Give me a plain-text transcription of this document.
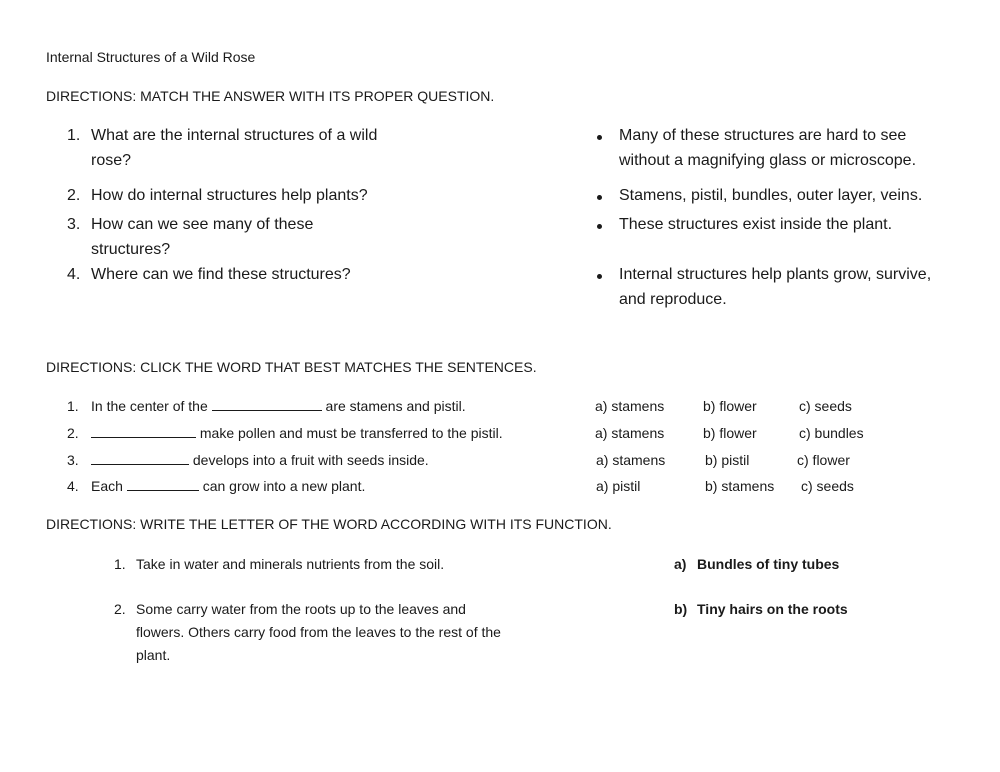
Internal Structures of a Wild Rose
DIRECTIONS: MATCH THE ANSWER WITH ITS PROPER QUESTION.
1. What are the internal structures of a wild
rose?
2. How do internal structures help plants?
3. How can we see many of these
structures?
4. Where can we find these structures?
Many of these structures are hard to see
without a magnifying glass or microscope.
Stamens, pistil, bundles, outer layer, veins.
These structures exist inside the plant.
Internal structures help plants grow, survive,
and reproduce.
DIRECTIONS: CLICK THE WORD THAT BEST MATCHES THE SENTENCES.
1. In the center of the	are stamens and pistil.	a) stamens	b) flower	c) seeds
2.	make pollen and must be transferred to the pistil.	a) stamens	b) flower	c) bundles
3.	develops into a fruit with seeds inside.	a) stamens	b) pistil	c) flower
4. Each	can grow into a new plant.	a) pistil	b) stamens c) seeds
DIRECTIONS: WRITE THE LETTER OF THE WORD ACCORDING WITH ITS FUNCTION.
1. Take in water and minerals nutrients from the soil.
2. Some carry water from the roots up to the leaves and
flowers. Others carry food from the leaves to the rest of the
plant.
a) Bundles of tiny tubes
b) Tiny hairs on the roots
